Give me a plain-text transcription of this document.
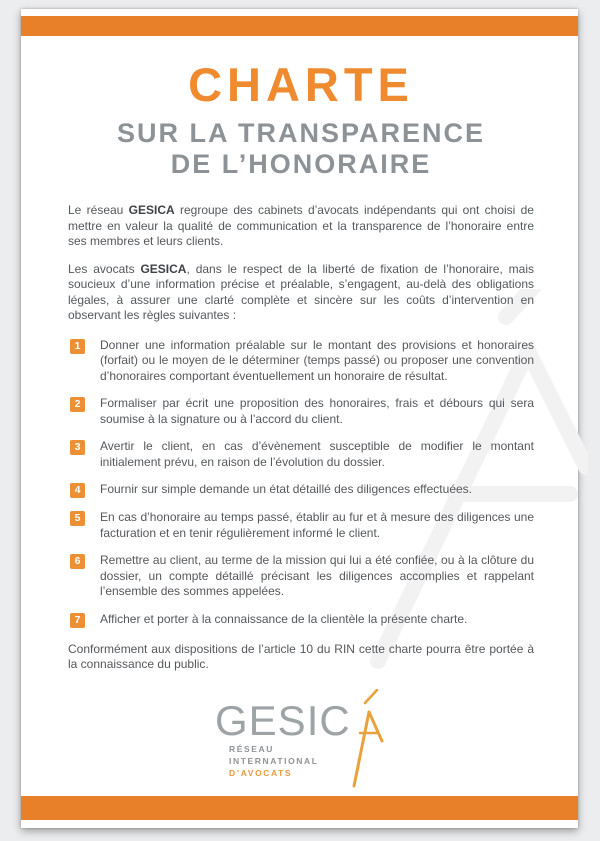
CHARTE
SUR LA TRANSPARENCE
DE L’HONORAIRE

Le réseau GESICA regroupe des cabinets d’avocats indépendants qui ont choisi de mettre en valeur la qualité de communication et la transparence de l’honoraire entre ses membres et leurs clients.

Les avocats GESICA, dans le respect de la liberté de fixation de l’honoraire, mais soucieux d’une information précise et préalable, s’engagent, au-delà des obligations légales, à assurer une clarté complète et sincère sur les coûts d’intervention en observant les règles suivantes :

1	Donner une information préalable sur le montant des provisions et honoraires (forfait) ou le moyen de le déterminer (temps passé) ou proposer une convention d’honoraires comportant éventuellement un honoraire de résultat.
2	Formaliser par écrit une proposition des honoraires, frais et débours qui sera soumise à la signature ou à l’accord du client.
3	Avertir le client, en cas d’évènement susceptible de modifier le montant initialement prévu, en raison de l’évolution du dossier.
4	Fournir sur simple demande un état détaillé des diligences effectuées.
5	En cas d’honoraire au temps passé, établir au fur et à mesure des diligences une facturation et en tenir régulièrement informé le client.
6	Remettre au client, au terme de la mission qui lui a été confiée, ou à la clôture du dossier, un compte détaillé précisant les diligences accomplies et rappelant l’ensemble des sommes appelées.
7	Afficher et porter à la connaissance de la clientèle la présente charte.

Conformément aux dispositions de l’article 10 du RIN cette charte pourra être portée à la connaissance du public.

GESIC
RÉSEAU
INTERNATIONAL
D’AVOCATS
